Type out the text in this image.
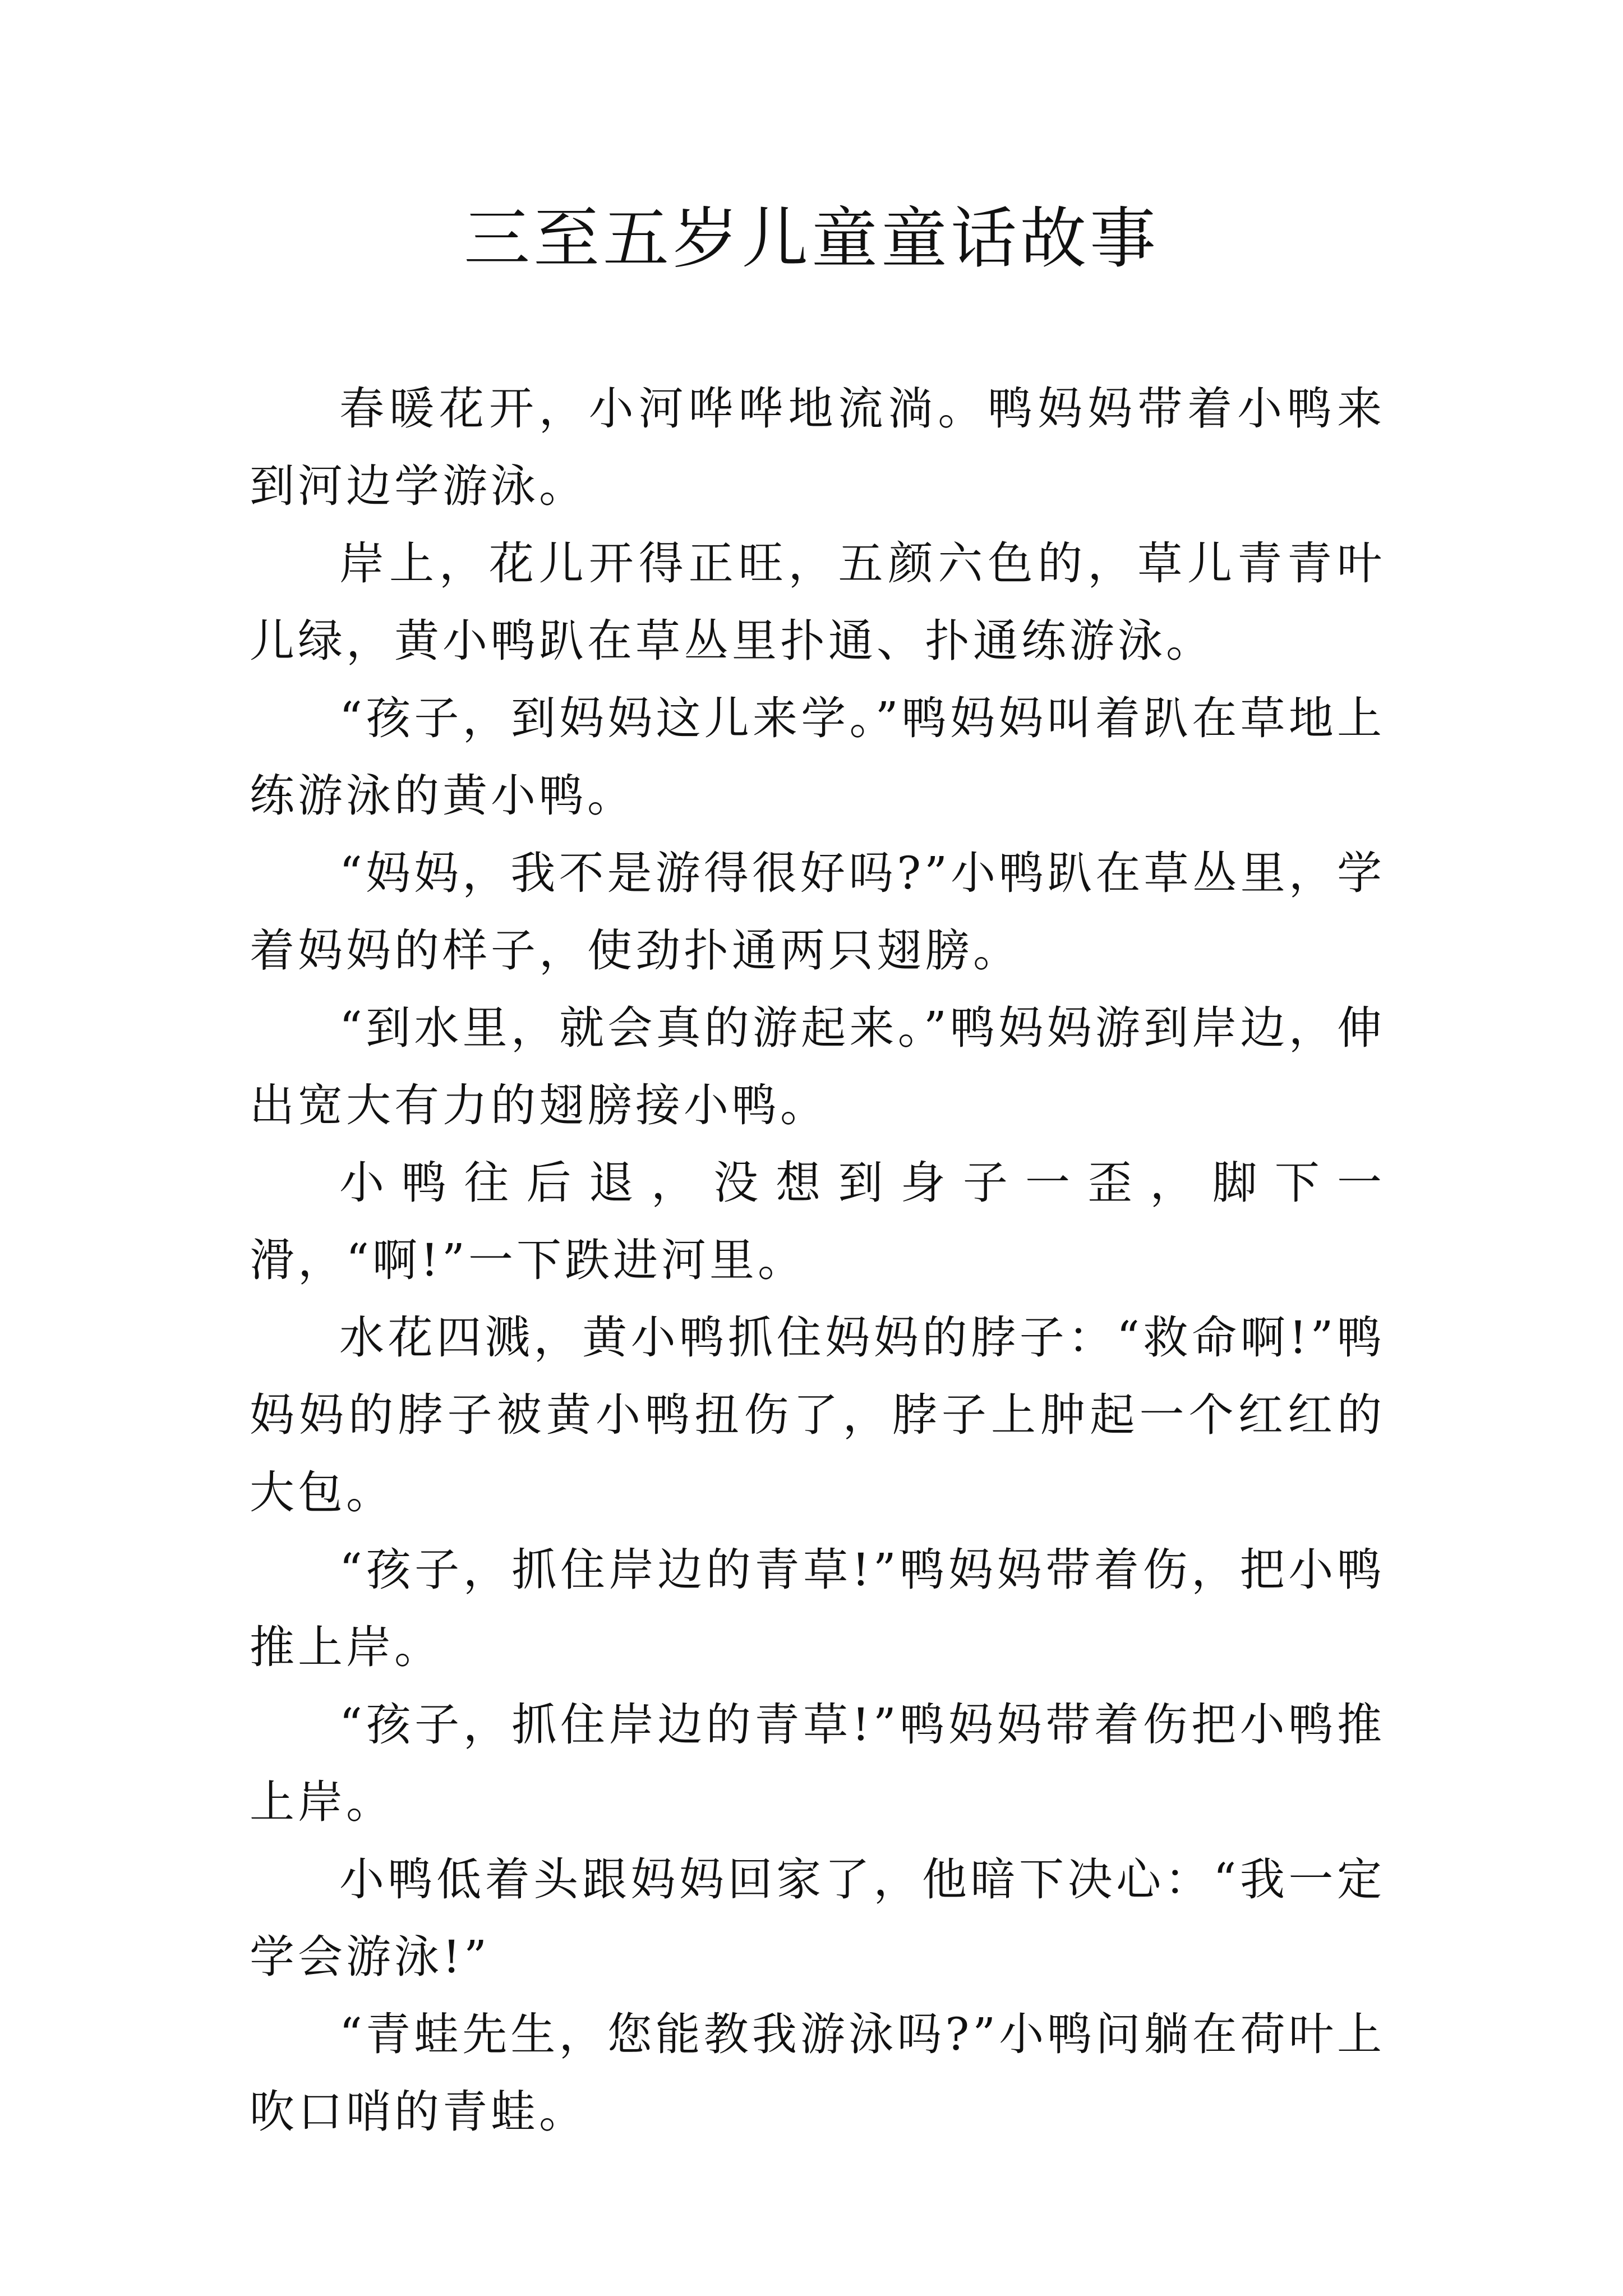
三至五岁儿童童话故事

春暖花开，小河哗哗地流淌。鸭妈妈带着小鸭来到河边学游泳。

岸上，花儿开得正旺，五颜六色的，草儿青青叶儿绿，黄小鸭趴在草丛里扑通、扑通练游泳。

“孩子，到妈妈这儿来学。”鸭妈妈叫着趴在草地上练游泳的黄小鸭。

“妈妈，我不是游得很好吗?”小鸭趴在草丛里，学着妈妈的样子，使劲扑通两只翅膀。

“到水里，就会真的游起来。”鸭妈妈游到岸边，伸出宽大有力的翅膀接小鸭。

小鸭往后退，没想到身子一歪，脚下一滑，“啊!”一下跌进河里。

水花四溅，黄小鸭抓住妈妈的脖子：“救命啊!”鸭妈妈的脖子被黄小鸭扭伤了，脖子上肿起一个红红的大包。

“孩子，抓住岸边的青草!”鸭妈妈带着伤，把小鸭推上岸。

“孩子，抓住岸边的青草!”鸭妈妈带着伤把小鸭推上岸。

小鸭低着头跟妈妈回家了，他暗下决心：“我一定学会游泳!”

“青蛙先生，您能教我游泳吗?”小鸭问躺在荷叶上吹口哨的青蛙。
